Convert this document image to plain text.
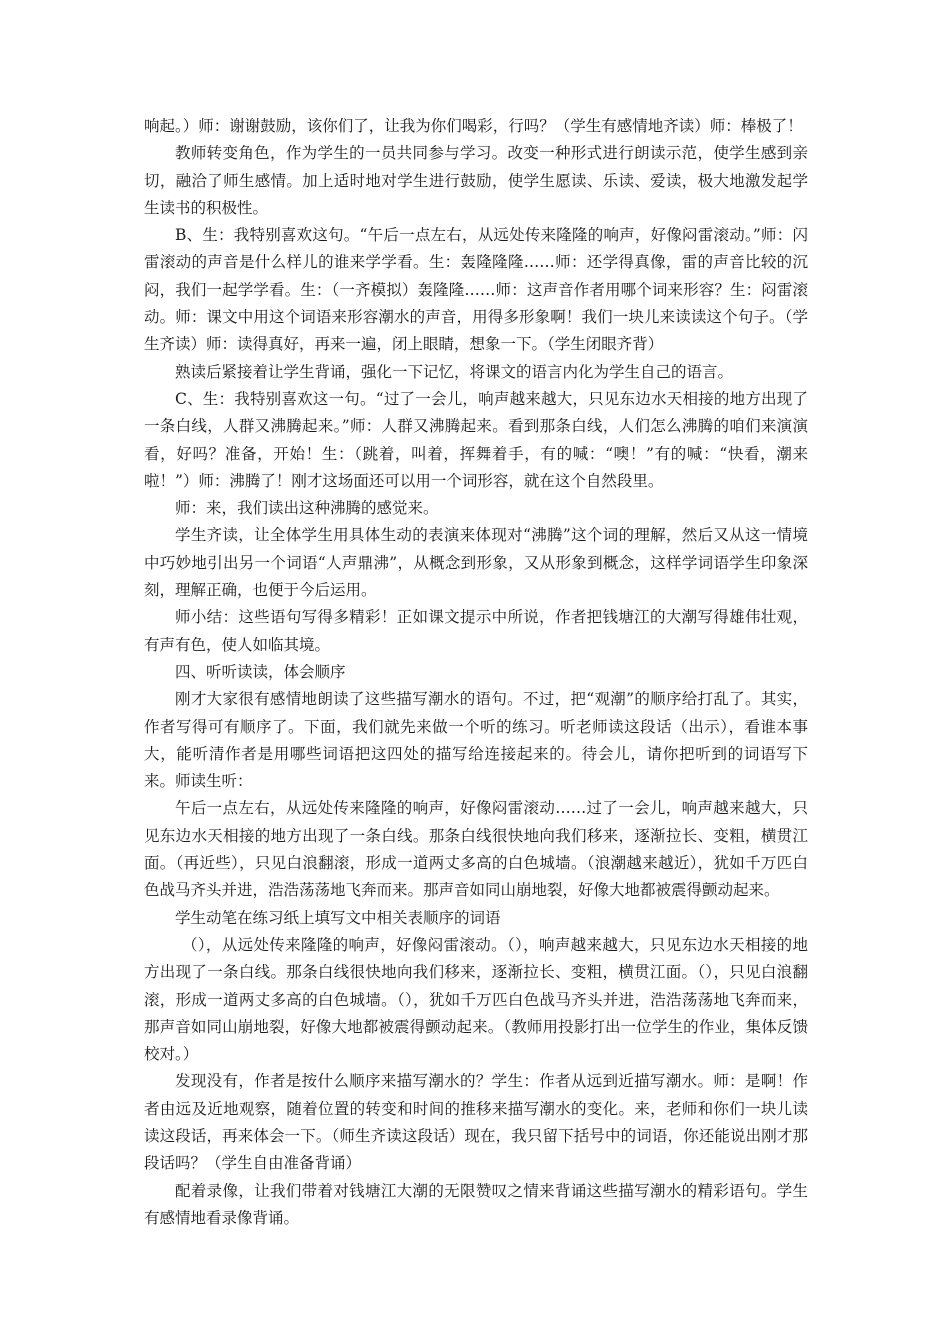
响起。）师：谢谢鼓励，该你们了，让我为你们喝彩，行吗？（学生有感情地齐读）师：棒极了！

教师转变角色，作为学生的一员共同参与学习。改变一种形式进行朗读示范，使学生感到亲切，融洽了师生感情。加上适时地对学生进行鼓励，使学生愿读、乐读、爱读，极大地激发起学生读书的积极性。

B、生：我特别喜欢这句。“午后一点左右，从远处传来隆隆的响声，好像闷雷滚动。”师：闪雷滚动的声音是什么样儿的谁来学学看。生：轰隆隆隆……师：还学得真像，雷的声音比较的沉闷，我们一起学学看。生：（一齐模拟）轰隆隆……师：这声音作者用哪个词来形容？生：闷雷滚动。师：课文中用这个词语来形容潮水的声音，用得多形象啊！我们一块儿来读读这个句子。（学生齐读）师：读得真好，再来一遍，闭上眼睛，想象一下。（学生闭眼齐背）

熟读后紧接着让学生背诵，强化一下记忆，将课文的语言内化为学生自己的语言。

C、生：我特别喜欢这一句。“过了一会儿，响声越来越大，只见东边水天相接的地方出现了一条白线，人群又沸腾起来。”师：人群又沸腾起来。看到那条白线，人们怎么沸腾的咱们来演演看，好吗？准备，开始！生：（跳着，叫着，挥舞着手，有的喊：“噢！”有的喊：“快看，潮来啦！”）师：沸腾了！刚才这场面还可以用一个词形容，就在这个自然段里。

师：来，我们读出这种沸腾的感觉来。

学生齐读，让全体学生用具体生动的表演来体现对“沸腾”这个词的理解，然后又从这一情境中巧妙地引出另一个词语“人声鼎沸”，从概念到形象，又从形象到概念，这样学词语学生印象深刻，理解正确，也便于今后运用。

师小结：这些语句写得多精彩！正如课文提示中所说，作者把钱塘江的大潮写得雄伟壮观，有声有色，使人如临其境。

四、听听读读，体会顺序

刚才大家很有感情地朗读了这些描写潮水的语句。不过，把“观潮”的顺序给打乱了。其实，作者写得可有顺序了。下面，我们就先来做一个听的练习。听老师读这段话（出示），看谁本事大，能听清作者是用哪些词语把这四处的描写给连接起来的。待会儿，请你把听到的词语写下来。师读生听：

午后一点左右，从远处传来隆隆的响声，好像闷雷滚动……过了一会儿，响声越来越大，只见东边水天相接的地方出现了一条白线。那条白线很快地向我们移来，逐渐拉长、变粗，横贯江面。（再近些），只见白浪翻滚，形成一道两丈多高的白色城墙。（浪潮越来越近），犹如千万匹白色战马齐头并进，浩浩荡荡地飞奔而来。那声音如同山崩地裂，好像大地都被震得颤动起来。

学生动笔在练习纸上填写文中相关表顺序的词语

（），从远处传来隆隆的响声，好像闷雷滚动。（），响声越来越大，只见东边水天相接的地方出现了一条白线。那条白线很快地向我们移来，逐渐拉长、变粗，横贯江面。（），只见白浪翻滚，形成一道两丈多高的白色城墙。（），犹如千万匹白色战马齐头并进，浩浩荡荡地飞奔而来，那声音如同山崩地裂，好像大地都被震得颤动起来。（教师用投影打出一位学生的作业，集体反馈校对。）

发现没有，作者是按什么顺序来描写潮水的？学生：作者从远到近描写潮水。师：是啊！作者由远及近地观察，随着位置的转变和时间的推移来描写潮水的变化。来，老师和你们一块儿读读这段话，再来体会一下。（师生齐读这段话）现在，我只留下括号中的词语，你还能说出刚才那段话吗？（学生自由准备背诵）

配着录像，让我们带着对钱塘江大潮的无限赞叹之情来背诵这些描写潮水的精彩语句。学生有感情地看录像背诵。
